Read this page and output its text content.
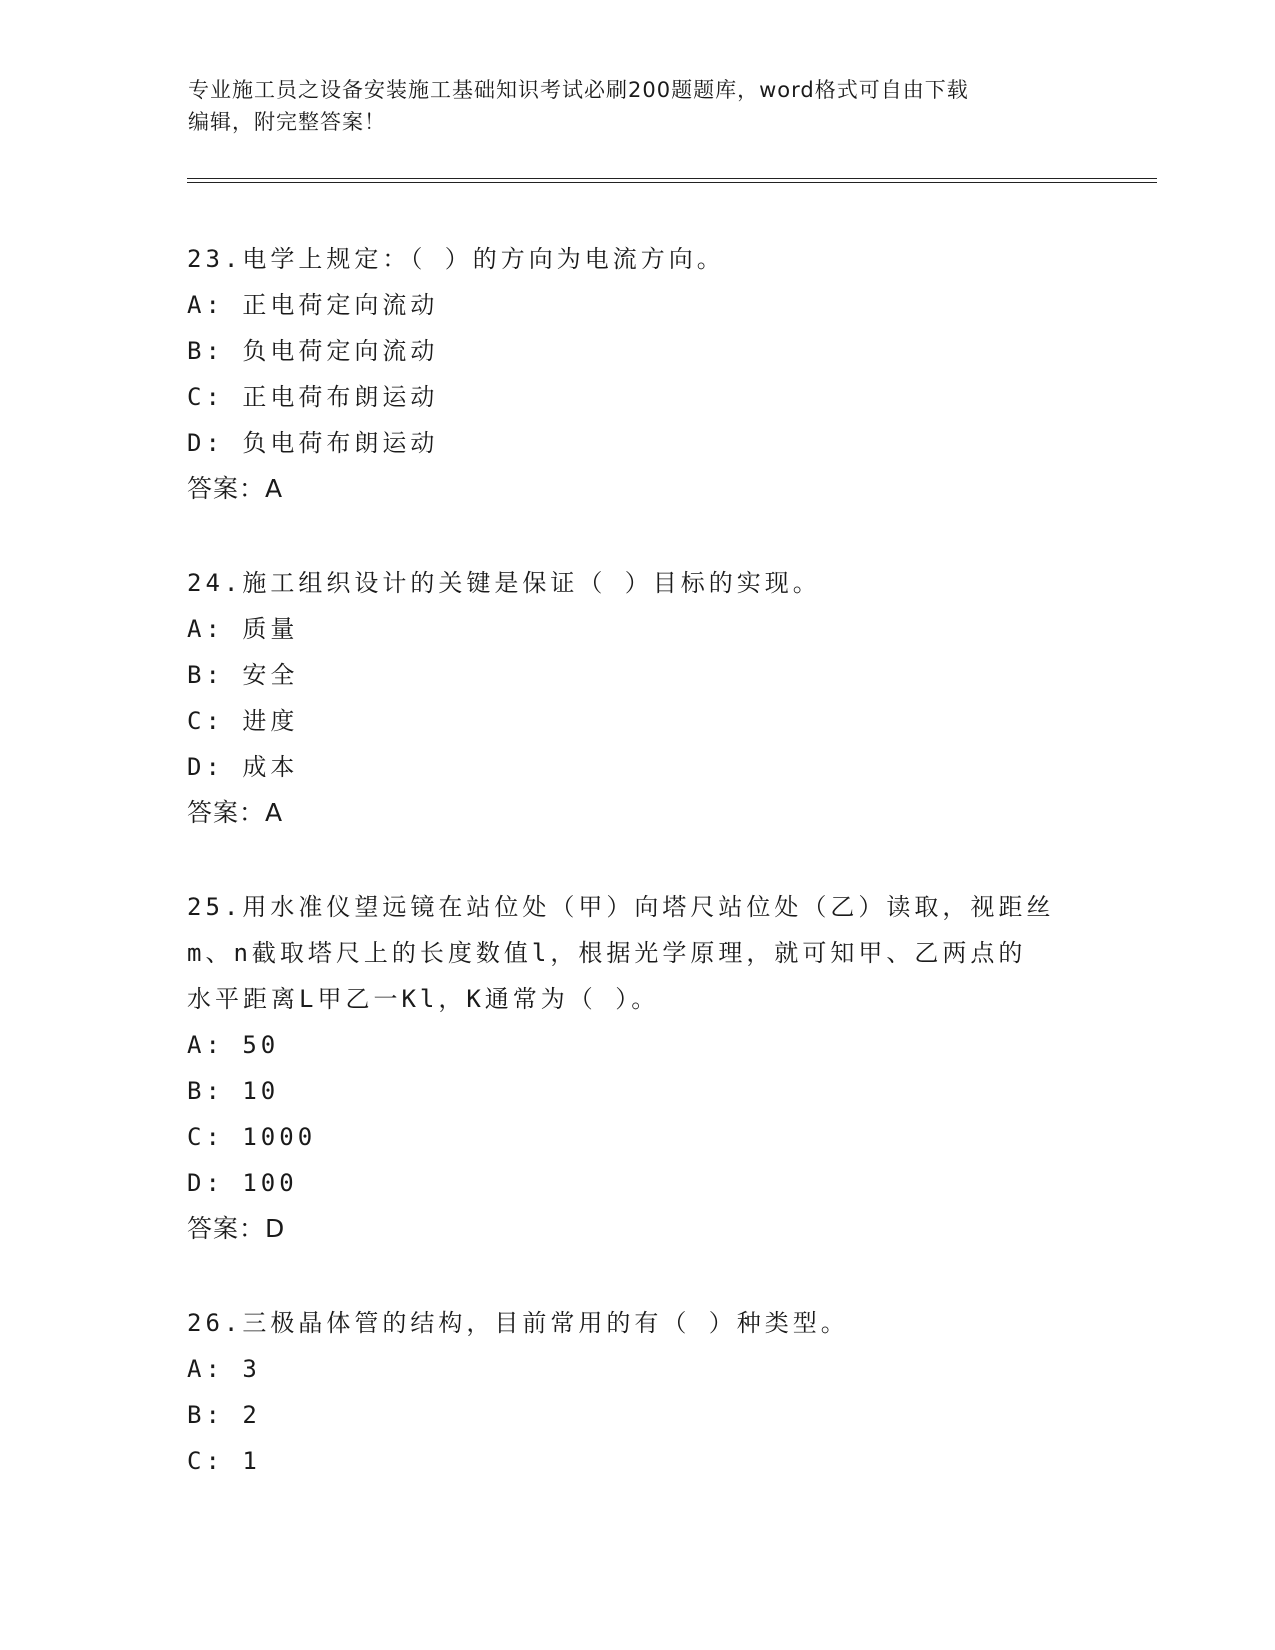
专业施工员之设备安装施工基础知识考试必刷200题题库，word格式可自由下载
编辑，附完整答案！
23.电学上规定：（ ）的方向为电流方向。
A: 正电荷定向流动
B: 负电荷定向流动
C: 正电荷布朗运动
D: 负电荷布朗运动
答案：A
24.施工组织设计的关键是保证（ ）目标的实现。
A: 质量
B: 安全
C: 进度
D: 成本
答案：A
25.用水准仪望远镜在站位处（甲）向塔尺站位处（乙）读取，视距丝
m、n截取塔尺上的长度数值l，根据光学原理，就可知甲、乙两点的
水平距离L甲乙一Kl，K通常为（ ）。
A: 50
B: 10
C: 1000
D: 100
答案：D
26.三极晶体管的结构，目前常用的有（ ）种类型。
A: 3
B: 2
C: 1
